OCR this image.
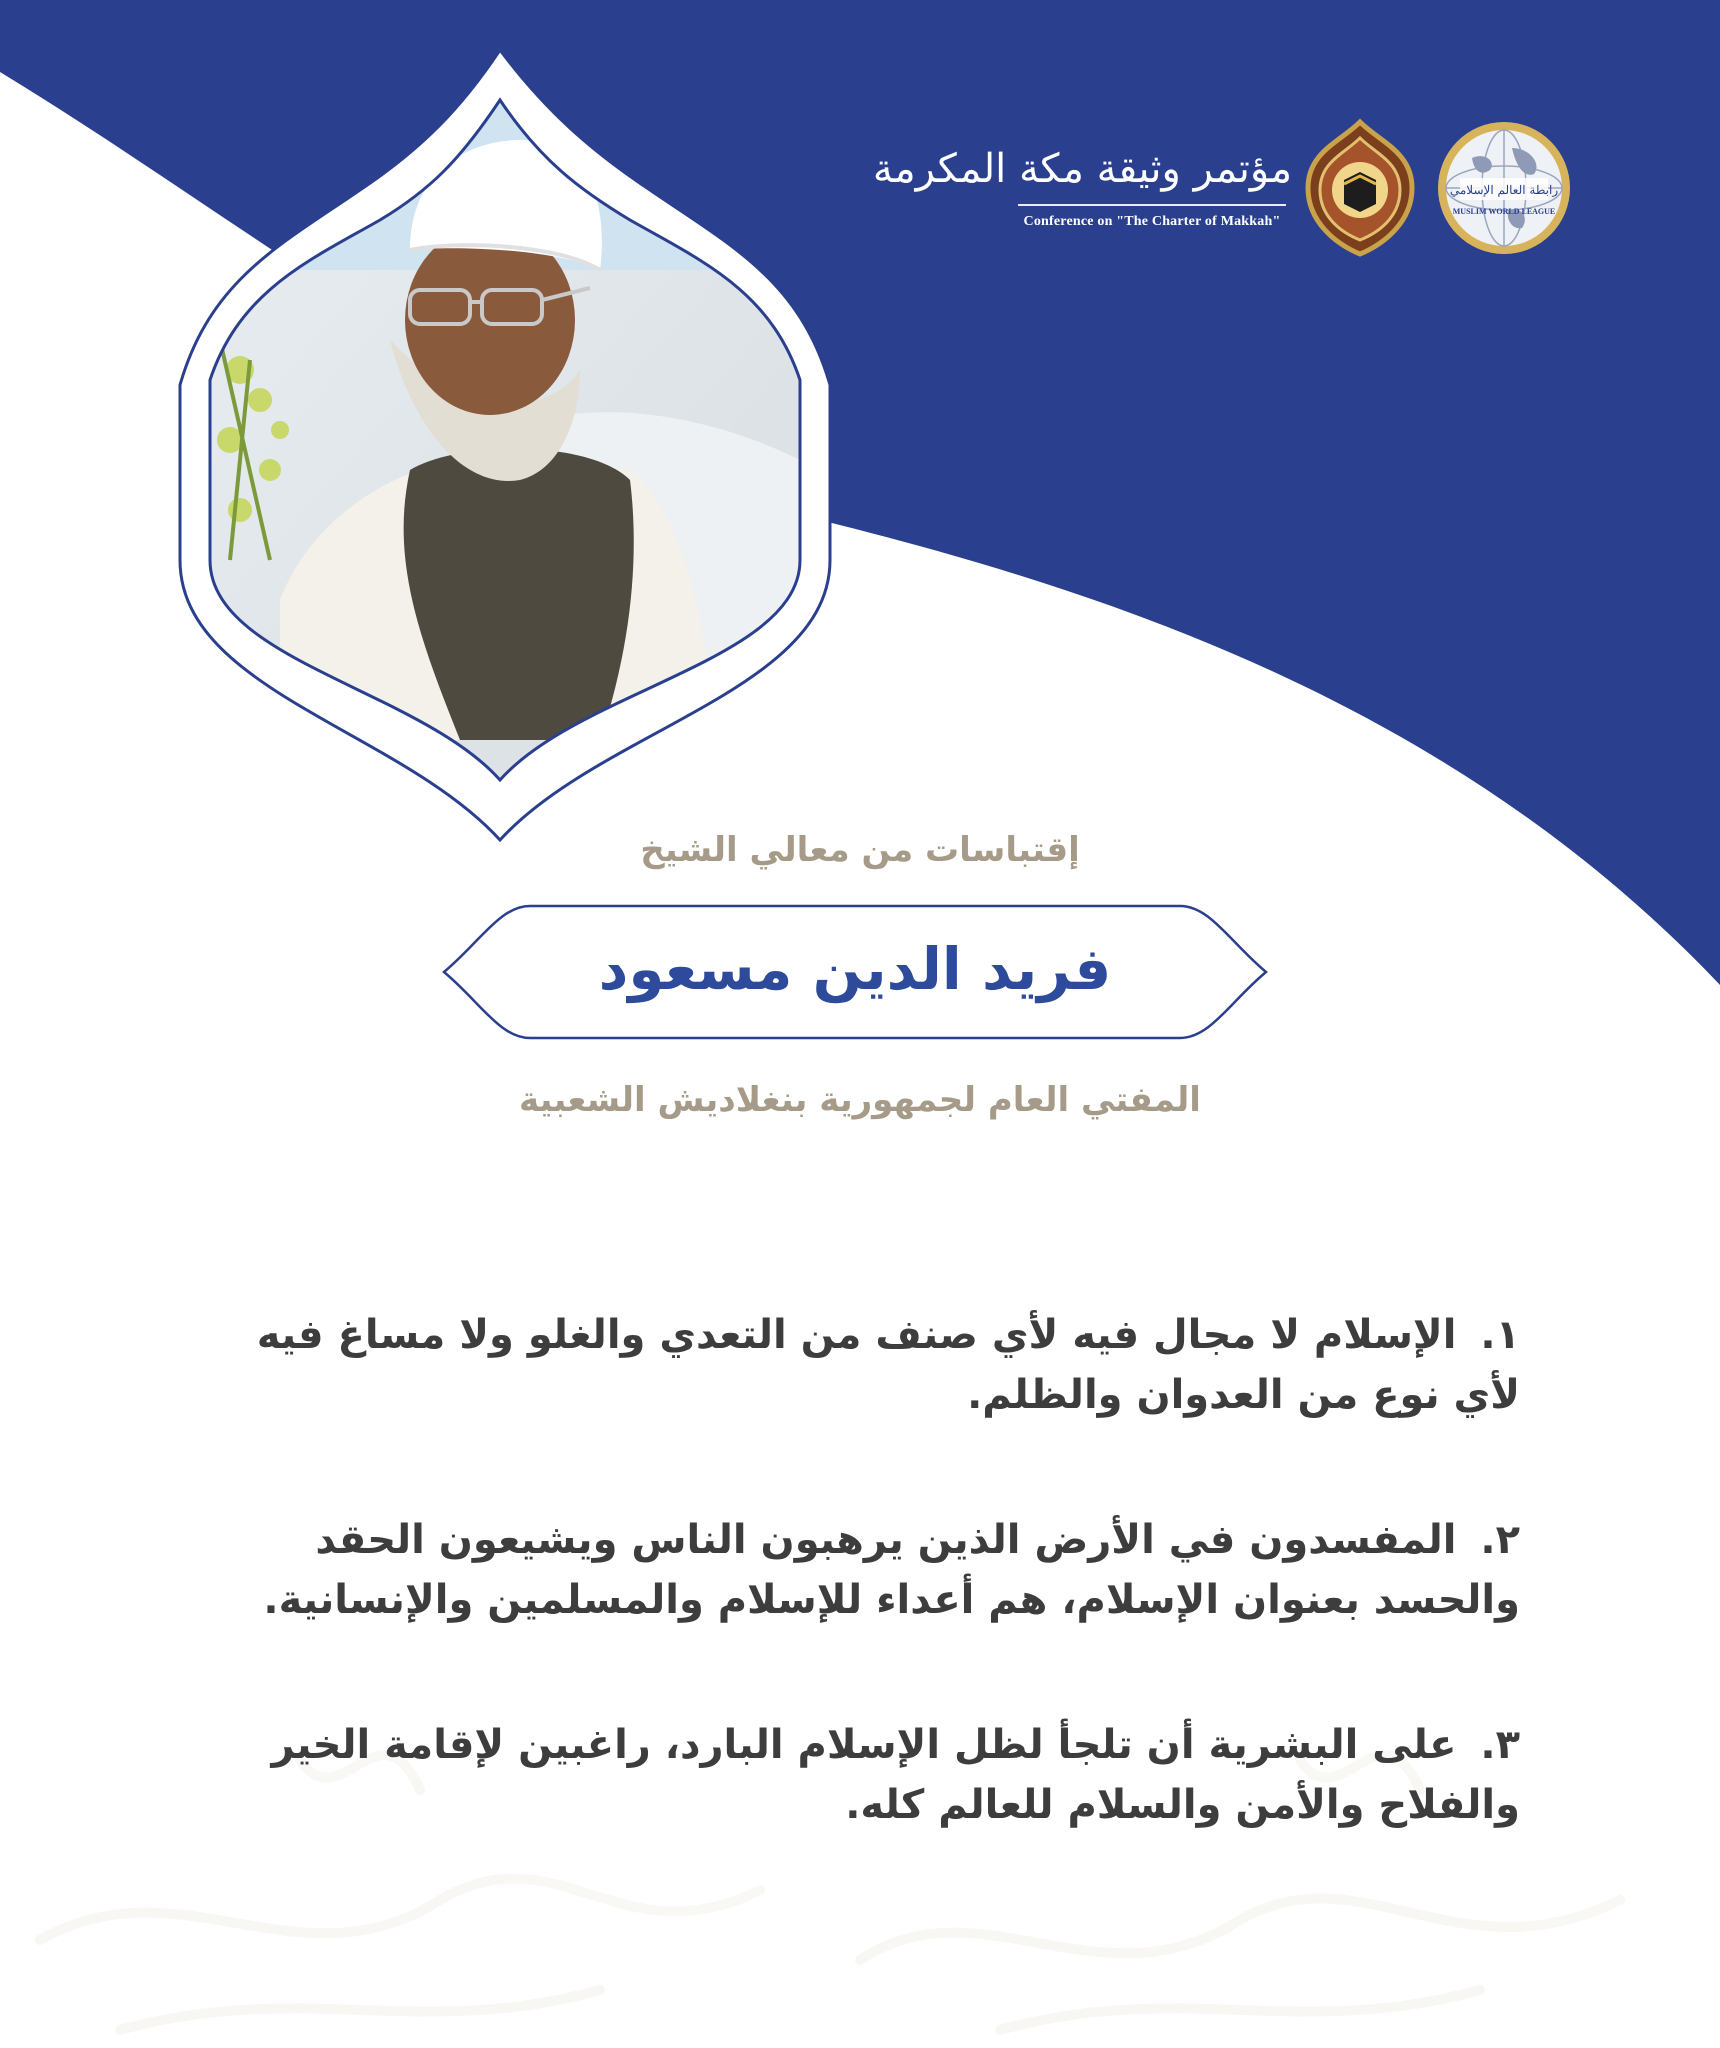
مؤتمر وثيقة مكة المكرمة
Conference on "The Charter of Makkah"
رابطة العالم الإسلامي
MUSLIM WORLD LEAGUE
إقتباسات من معالي الشيخ
فريد الدين مسعود
المفتي العام لجمهورية بنغلاديش الشعبية
١. الإسلام لا مجال فيه لأي صنف من التعدي والغلو ولا مساغ فيه لأي نوع من العدوان والظلم.
٢. المفسدون في الأرض الذين يرهبون الناس ويشيعون الحقد والحسد بعنوان الإسلام، هم أعداء للإسلام والمسلمين والإنسانية.
٣. على البشرية أن تلجأ لظل الإسلام البارد، راغبين لإقامة الخير والفلاح والأمن والسلام للعالم كله.
